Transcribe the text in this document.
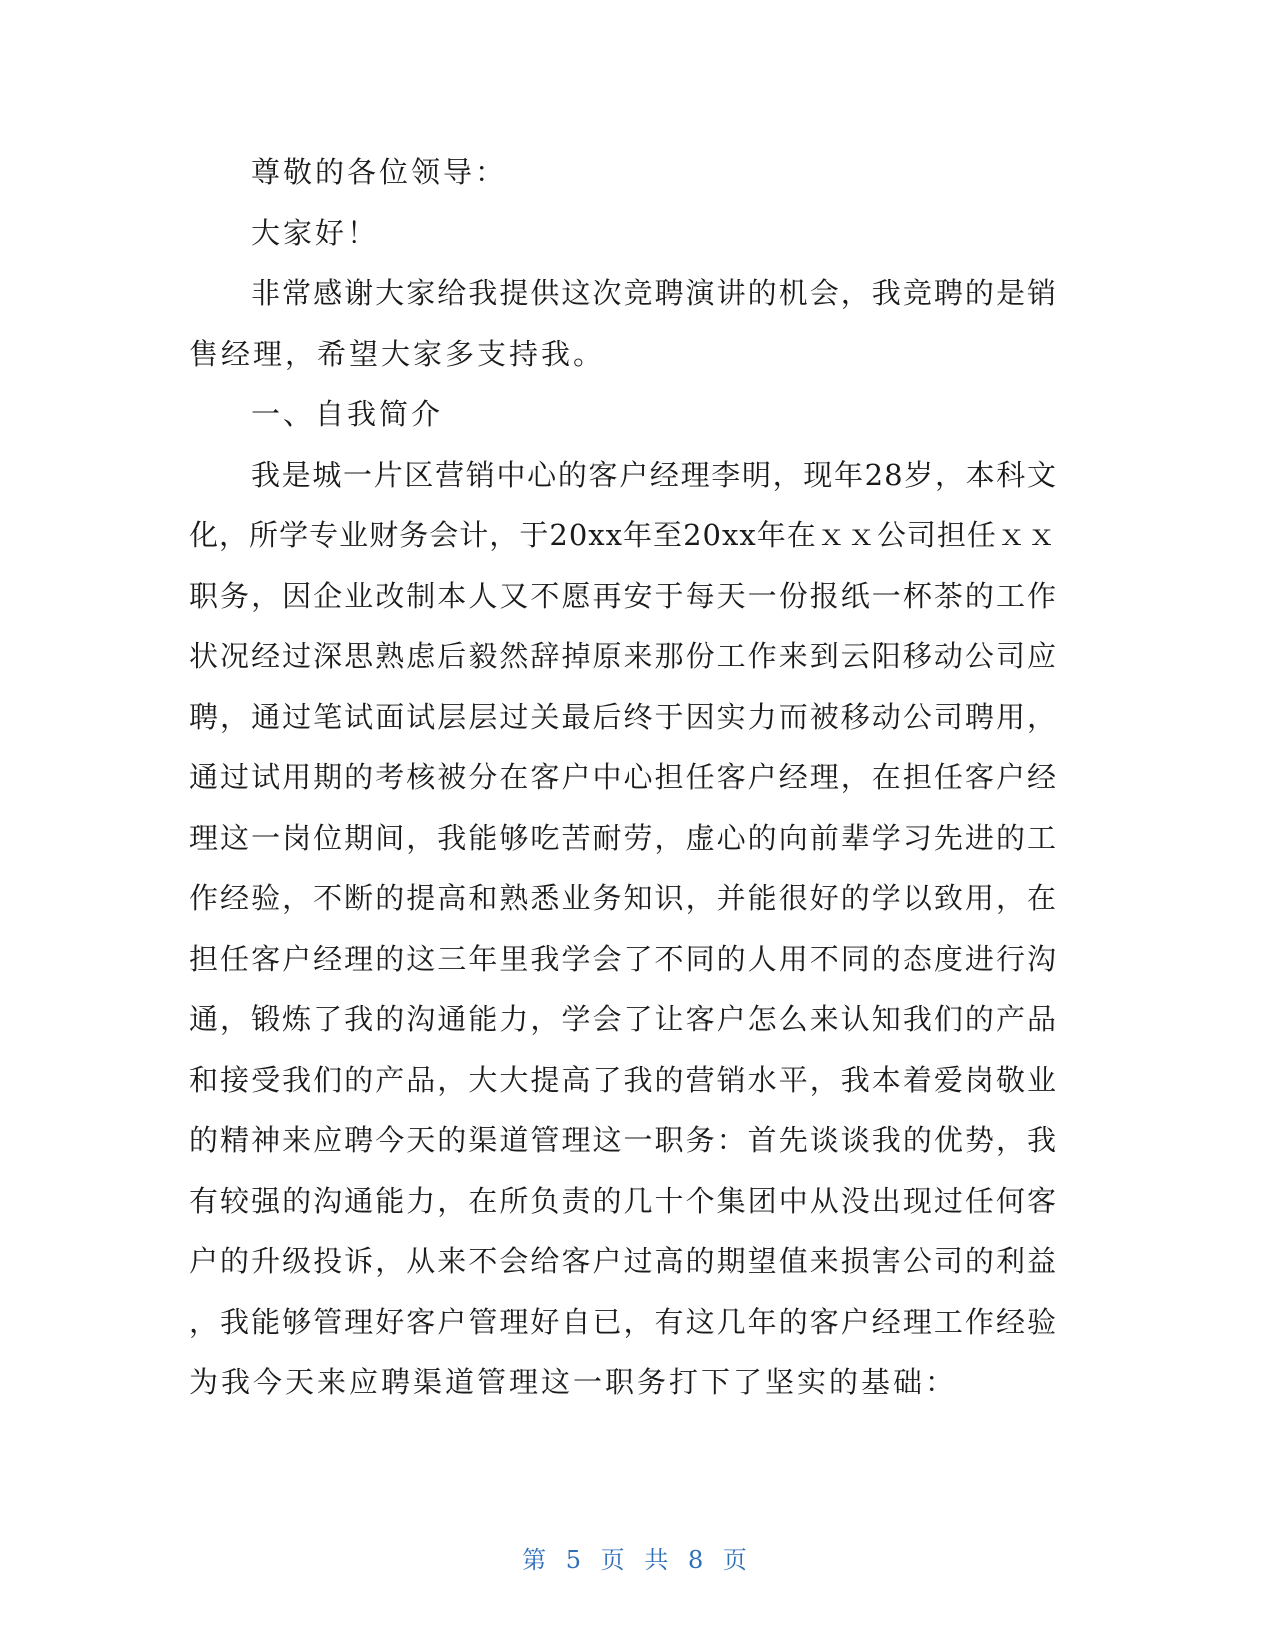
尊敬的各位领导：
大家好！
非常感谢大家给我提供这次竞聘演讲的机会，我竞聘的是销
售经理，希望大家多支持我。
一、自我简介
我是城一片区营销中心的客户经理李明，现年28岁，本科文
化，所学专业财务会计，于20xx年至20xx年在ｘｘ公司担任ｘｘ
职务，因企业改制本人又不愿再安于每天一份报纸一杯茶的工作
状况经过深思熟虑后毅然辞掉原来那份工作来到云阳移动公司应
聘，通过笔试面试层层过关最后终于因实力而被移动公司聘用，
通过试用期的考核被分在客户中心担任客户经理，在担任客户经
理这一岗位期间，我能够吃苦耐劳，虚心的向前辈学习先进的工
作经验，不断的提高和熟悉业务知识，并能很好的学以致用，在
担任客户经理的这三年里我学会了不同的人用不同的态度进行沟
通，锻炼了我的沟通能力，学会了让客户怎么来认知我们的产品
和接受我们的产品，大大提高了我的营销水平，我本着爱岗敬业
的精神来应聘今天的渠道管理这一职务：首先谈谈我的优势，我
有较强的沟通能力，在所负责的几十个集团中从没出现过任何客
户的升级投诉，从来不会给客户过高的期望值来损害公司的利益
，我能够管理好客户管理好自已，有这几年的客户经理工作经验
为我今天来应聘渠道管理这一职务打下了坚实的基础：
第 5 页 共 8 页
